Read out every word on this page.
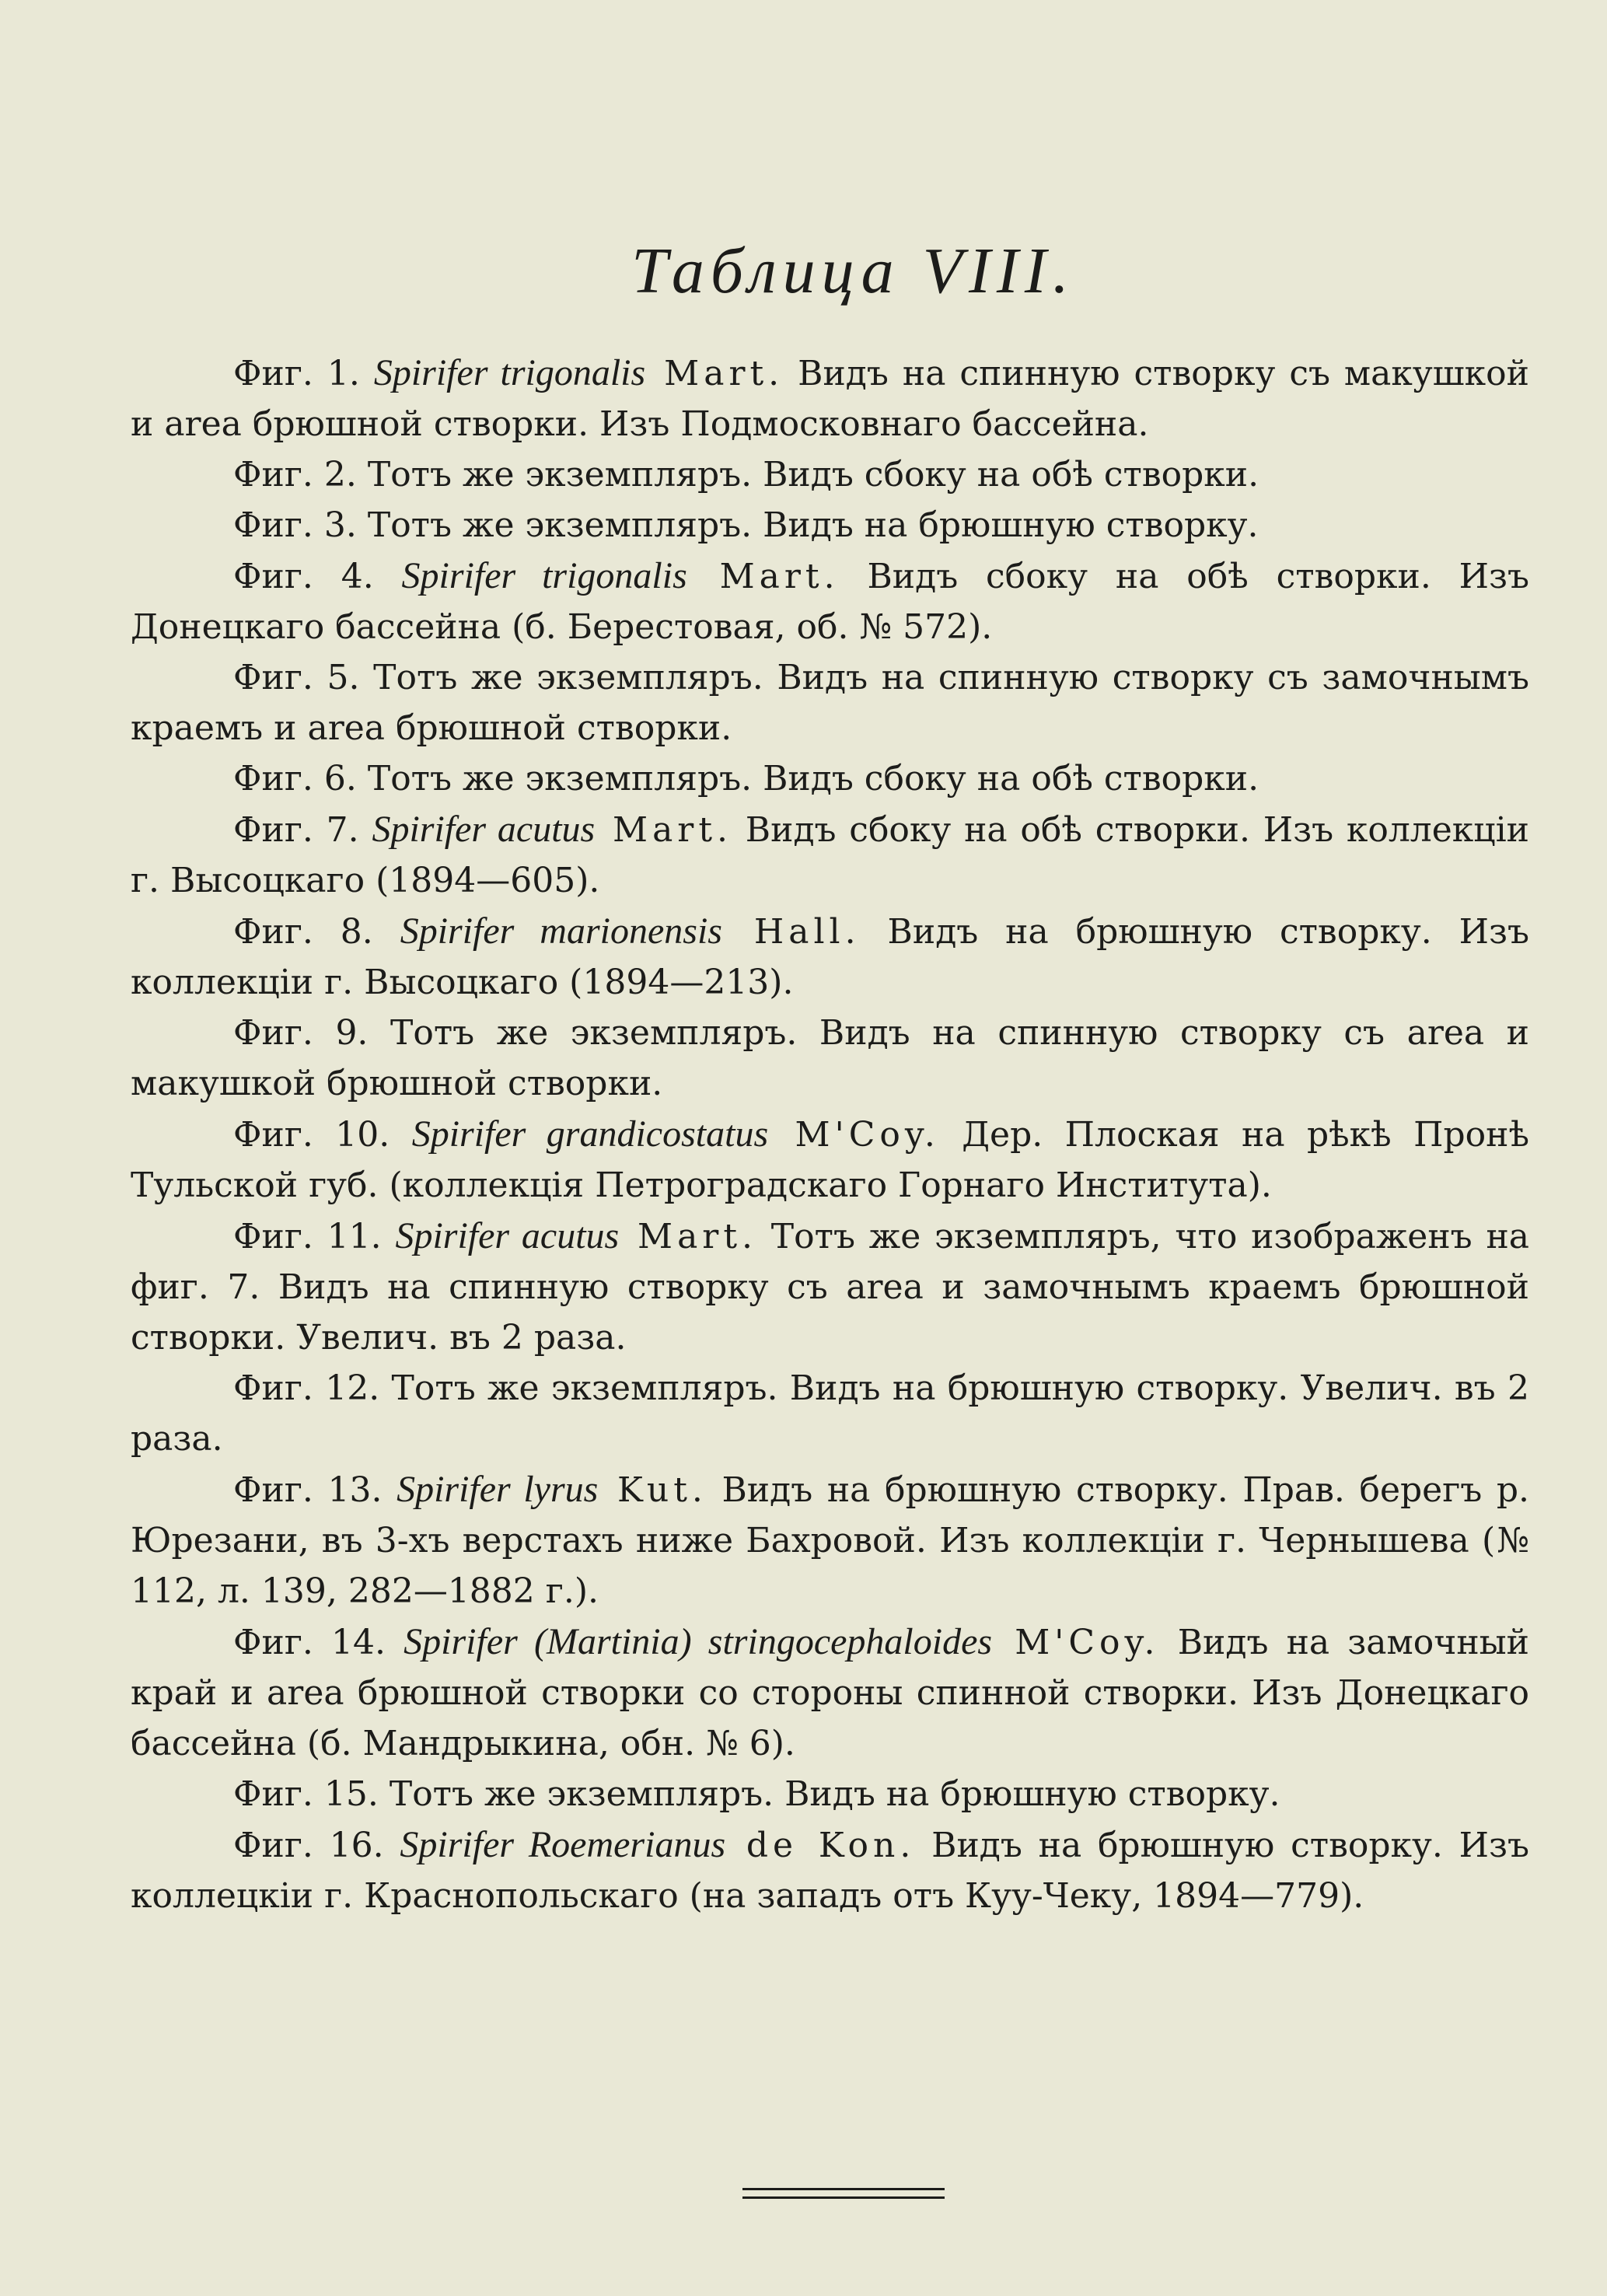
Таблица VIII.

Фиг. 1. Spirifer trigonalis Mart. Видъ на спинную створку съ макушкой и area брюшной створки. Изъ Подмосковнаго бассейна.

Фиг. 2. Тотъ же экземпляръ. Видъ сбоку на обѣ створки.

Фиг. 3. Тотъ же экземпляръ. Видъ на брюшную створку.

Фиг. 4. Spirifer trigonalis Mart. Видъ сбоку на обѣ створки. Изъ Донецкаго бассейна (б. Берестовая, об. № 572).

Фиг. 5. Тотъ же экземпляръ. Видъ на спинную створку съ замочнымъ краемъ и area брюшной створки.

Фиг. 6. Тотъ же экземпляръ. Видъ сбоку на обѣ створки.

Фиг. 7. Spirifer acutus Mart. Видъ сбоку на обѣ створки. Изъ коллекціи г. Высоцкаго (1894—605).

Фиг. 8. Spirifer marionensis Hall. Видъ на брюшную створку. Изъ коллекціи г. Высоцкаго (1894—213).

Фиг. 9. Тотъ же экземпляръ. Видъ на спинную створку съ area и макушкой брюшной створки.

Фиг. 10. Spirifer grandicostatus M'Coy. Дер. Плоская на рѣкѣ Пронѣ Тульской губ. (коллекція Петроградскаго Горнаго Института).

Фиг. 11. Spirifer acutus Mart. Тотъ же экземпляръ, что изображенъ на фиг. 7. Видъ на спинную створку съ area и замочнымъ краемъ брюшной створки. Увелич. въ 2 раза.

Фиг. 12. Тотъ же экземпляръ. Видъ на брюшную створку. Увелич. въ 2 раза.

Фиг. 13. Spirifer lyrus Kut. Видъ на брюшную створку. Прав. берегъ р. Юрезани, въ 3-хъ верстахъ ниже Бахровой. Изъ коллекціи г. Чернышева (№ 112, л. 139, 282—1882 г.).

Фиг. 14. Spirifer (Martinia) stringocephaloides M'Coy. Видъ на замочный край и area брюшной створки со стороны спинной створки. Изъ Донецкаго бассейна (б. Мандрыкина, обн. № 6).

Фиг. 15. Тотъ же экземпляръ. Видъ на брюшную створку.

Фиг. 16. Spirifer Roemerianus de Kon. Видъ на брюшную створку. Изъ коллецкіи г. Краснопольскаго (на западъ отъ Куу-Чеку, 1894—779).
